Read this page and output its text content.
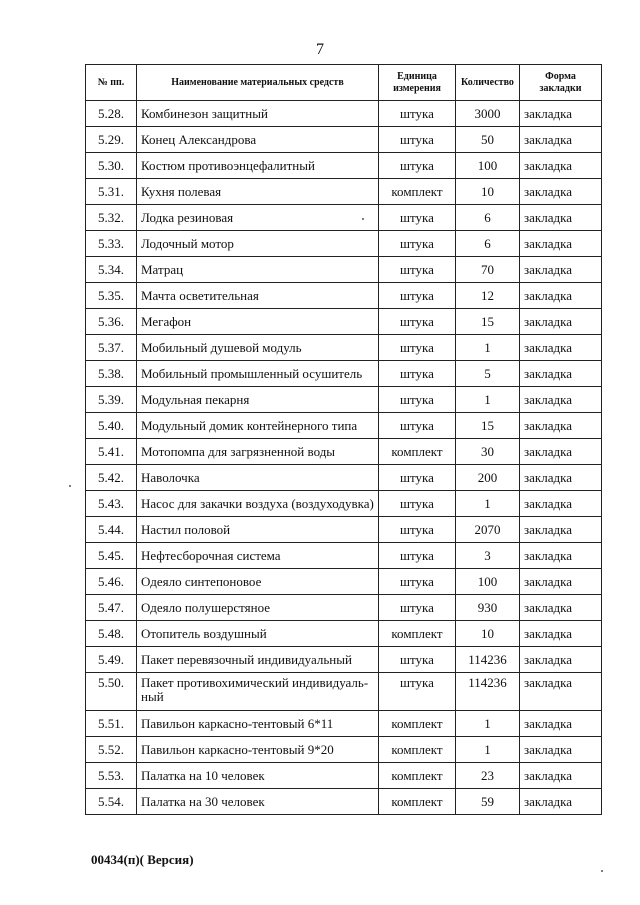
7
№ пп.	Наименование материальных средств	Единица измерения	Количество	Форма закладки
5.28.	Комбинезон защитный	штука	3000	закладка
5.29.	Конец Александрова	штука	50	закладка
5.30.	Костюм противоэнцефалитный	штука	100	закладка
5.31.	Кухня полевая	комплект	10	закладка
5.32.	Лодка резиновая	штука	6	закладка
5.33.	Лодочный мотор	штука	6	закладка
5.34.	Матрац	штука	70	закладка
5.35.	Мачта осветительная	штука	12	закладка
5.36.	Мегафон	штука	15	закладка
5.37.	Мобильный душевой модуль	штука	1	закладка
5.38.	Мобильный промышленный осушитель	штука	5	закладка
5.39.	Модульная пекарня	штука	1	закладка
5.40.	Модульный домик контейнерного типа	штука	15	закладка
5.41.	Мотопомпа для загрязненной воды	комплект	30	закладка
5.42.	Наволочка	штука	200	закладка
5.43.	Насос для закачки воздуха (воздуходувка)	штука	1	закладка
5.44.	Настил половой	штука	2070	закладка
5.45.	Нефтесборочная система	штука	3	закладка
5.46.	Одеяло синтепоновое	штука	100	закладка
5.47.	Одеяло полушерстяное	штука	930	закладка
5.48.	Отопитель воздушный	комплект	10	закладка
5.49.	Пакет перевязочный индивидуальный	штука	114236	закладка
5.50.	Пакет противохимический индивидуаль-ный	штука	114236	закладка
5.51.	Павильон каркасно-тентовый 6*11	комплект	1	закладка
5.52.	Павильон каркасно-тентовый 9*20	комплект	1	закладка
5.53.	Палатка на 10 человек	комплект	23	закладка
5.54.	Палатка на 30 человек	комплект	59	закладка
00434(п)( Версия)
